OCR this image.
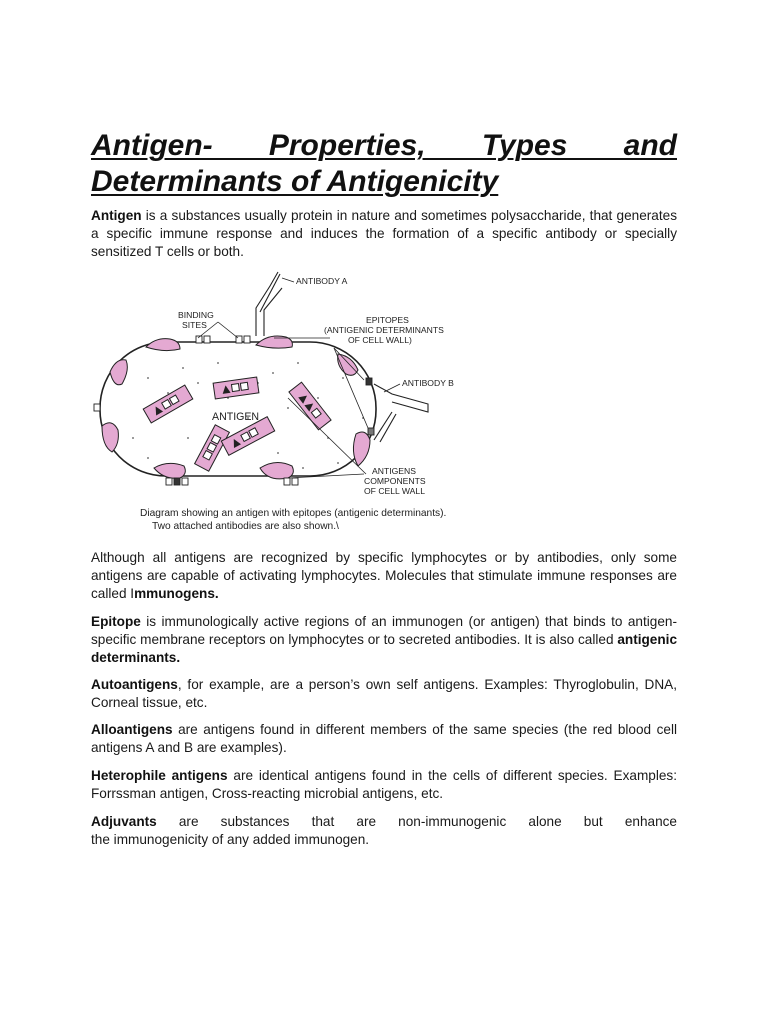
Antigen- Properties, Types and
Determinants of Antigenicity

Antigen is a substances usually protein in nature and sometimes polysaccharide, that generates a specific immune response and induces the formation of a specific antibody or specially sensitized T cells or both.

ANTIBODY A
BINDING
SITES	EPITOPES
(ANTIGENIC DETERMINANTS
OF CELL WALL)
ANTIBODY B
ANTIGEN
ANTIGENS
COMPONENTS
OF CELL WALL
Diagram showing an antigen with epitopes (antigenic determinants).
Two attached antibodies are also shown.\

Although all antigens are recognized by specific lymphocytes or by antibodies, only some antigens are capable of activating lymphocytes. Molecules that stimulate immune responses are called Immunogens.

Epitope is immunologically active regions of an immunogen (or antigen) that binds to antigen-specific membrane receptors on lymphocytes or to secreted antibodies. It is also called antigenic determinants.

Autoantigens, for example, are a person’s own self antigens. Examples: Thyroglobulin, DNA, Corneal tissue, etc.

Alloantigens are antigens found in different members of the same species (the red blood cell antigens A and B are examples).

Heterophile antigens are identical antigens found in the cells of different species. Examples: Forrssman antigen, Cross-reacting microbial antigens, etc.

Adjuvants are substances that are non-immunogenic alone but enhance

the immunogenicity of any added immunogen.
